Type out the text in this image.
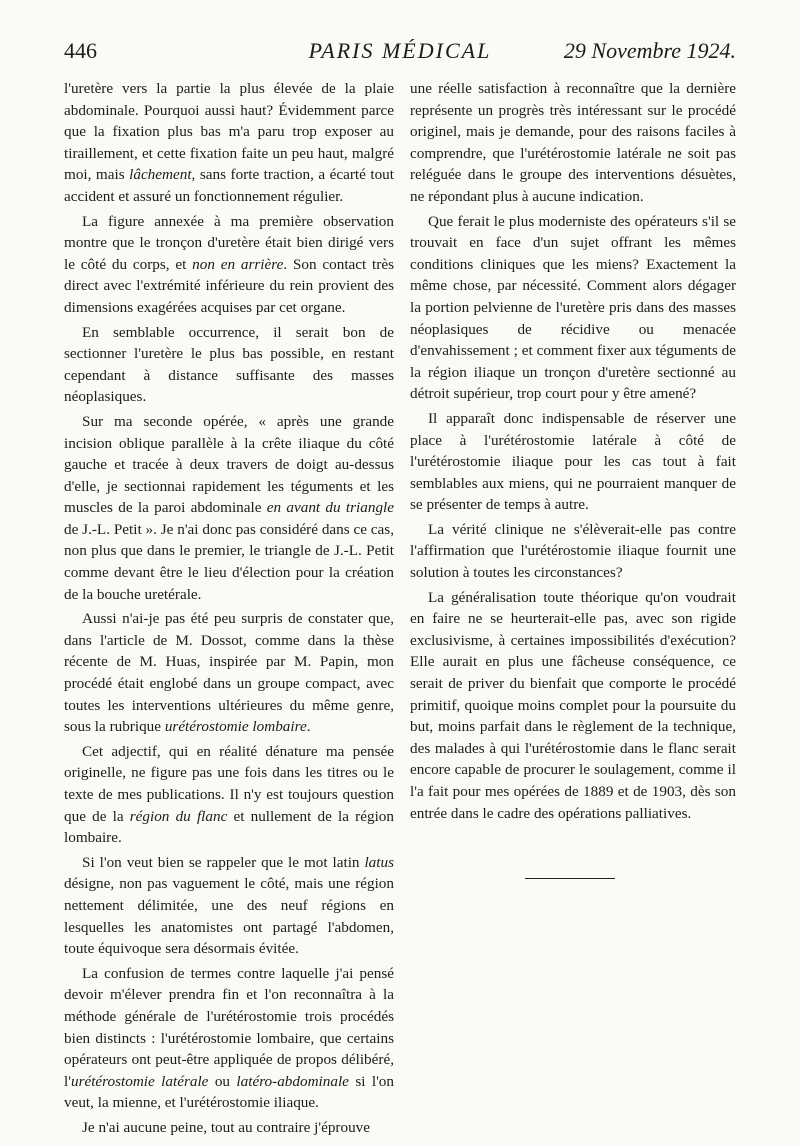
446	PARIS MÉDICAL	29 Novembre 1924.

l'uretère vers la partie la plus élevée de la plaie abdominale. Pourquoi aussi haut? Évidemment parce que la fixation plus bas m'a paru trop exposer au tiraillement, et cette fixation faite un peu haut, malgré moi, mais lâchement, sans forte traction, a écarté tout accident et assuré un fonctionnement régulier.

La figure annexée à ma première observation montre que le tronçon d'uretère était bien dirigé vers le côté du corps, et non en arrière. Son contact très direct avec l'extrémité inférieure du rein provient des dimensions exagérées acquises par cet organe.

En semblable occurrence, il serait bon de sectionner l'uretère le plus bas possible, en restant cependant à distance suffisante des masses néoplasiques.

Sur ma seconde opérée, « après une grande incision oblique parallèle à la crête iliaque du côté gauche et tracée à deux travers de doigt au-dessus d'elle, je sectionnai rapidement les téguments et les muscles de la paroi abdominale en avant du triangle de J.-L. Petit ». Je n'ai donc pas considéré dans ce cas, non plus que dans le premier, le triangle de J.-L. Petit comme devant être le lieu d'élection pour la création de la bouche uretérale.

Aussi n'ai-je pas été peu surpris de constater que, dans l'article de M. Dossot, comme dans la thèse récente de M. Huas, inspirée par M. Papin, mon procédé était englobé dans un groupe compact, avec toutes les interventions ultérieures du même genre, sous la rubrique urétérostomie lombaire.

Cet adjectif, qui en réalité dénature ma pensée originelle, ne figure pas une fois dans les titres ou le texte de mes publications. Il n'y est toujours question que de la région du flanc et nullement de la région lombaire.

Si l'on veut bien se rappeler que le mot latin latus désigne, non pas vaguement le côté, mais une région nettement délimitée, une des neuf régions en lesquelles les anatomistes ont partagé l'abdomen, toute équivoque sera désormais évitée.

La confusion de termes contre laquelle j'ai pensé devoir m'élever prendra fin et l'on reconnaîtra à la méthode générale de l'urétérostomie trois procédés bien distincts : l'urétérostomie lombaire, que certains opérateurs ont peut-être appliquée de propos délibéré, l'urétérostomie latérale ou latéro-abdominale si l'on veut, la mienne, et l'urétérostomie iliaque.

Je n'ai aucune peine, tout au contraire j'éprouve

une réelle satisfaction à reconnaître que la dernière représente un progrès très intéressant sur le procédé originel, mais je demande, pour des raisons faciles à comprendre, que l'urétérostomie latérale ne soit pas reléguée dans le groupe des interventions désuètes, ne répondant plus à aucune indication.

Que ferait le plus moderniste des opérateurs s'il se trouvait en face d'un sujet offrant les mêmes conditions cliniques que les miens? Exactement la même chose, par nécessité. Comment alors dégager la portion pelvienne de l'uretère pris dans des masses néoplasiques de récidive ou menacée d'envahissement ; et comment fixer aux téguments de la région iliaque un tronçon d'uretère sectionné au détroit supérieur, trop court pour y être amené?

Il apparaît donc indispensable de réserver une place à l'urétérostomie latérale à côté de l'urétérostomie iliaque pour les cas tout à fait semblables aux miens, qui ne pourraient manquer de se présenter de temps à autre.

La vérité clinique ne s'élèverait-elle pas contre l'affirmation que l'urétérostomie iliaque fournit une solution à toutes les circonstances?

La généralisation toute théorique qu'on voudrait en faire ne se heurterait-elle pas, avec son rigide exclusivisme, à certaines impossibilités d'exécution? Elle aurait en plus une fâcheuse conséquence, ce serait de priver du bienfait que comporte le procédé primitif, quoique moins complet pour la poursuite du but, moins parfait dans le règlement de la technique, des malades à qui l'urétérostomie dans le flanc serait encore capable de procurer le soulagement, comme il l'a fait pour mes opérées de 1889 et de 1903, dès son entrée dans le cadre des opérations palliatives.
